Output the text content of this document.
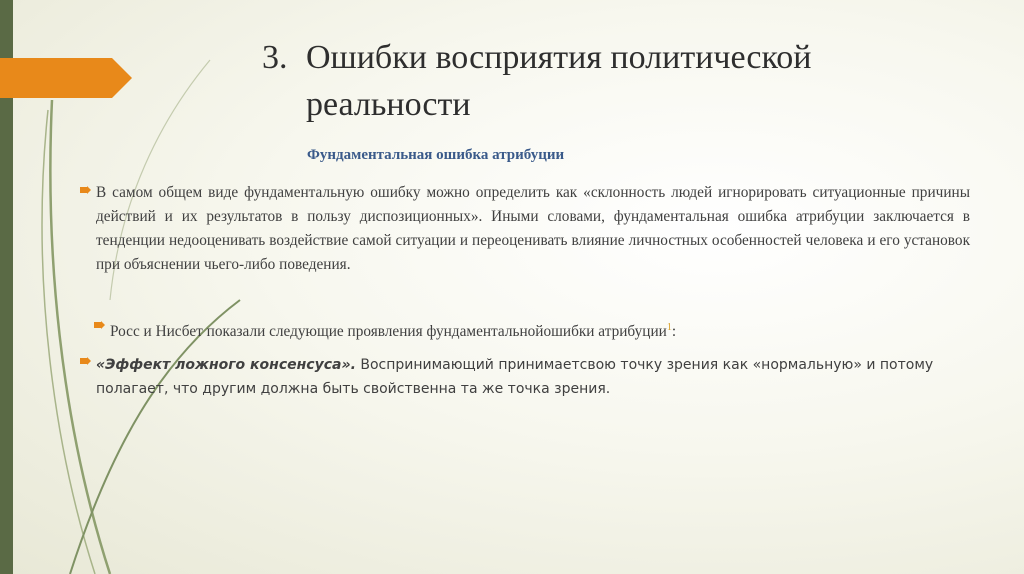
3. Ошибки восприятия политической
реальности
Фундаментальная ошибка атрибуции
В самом общем виде фундаментальную ошибку можно определить как «склонность людей игнорировать ситуационные причины действий и их результатов в пользу диспозиционных». Иными словами, фундаментальная ошибка атрибуции заключается в тенденции недооценивать воздействие самой ситуации и переоценивать влияние личностных особенностей человека и его установок при объяснении чьего-либо поведения.
Росс и Нисбет показали следующие проявления фундаментальнойошибки атрибуции$^1$:
«Эффект ложного консенсуса». Воспринимающий принимаетсвою точку зрения как «нормальную» и потому полагает, что другим должна быть свойственна та же точка зрения.
